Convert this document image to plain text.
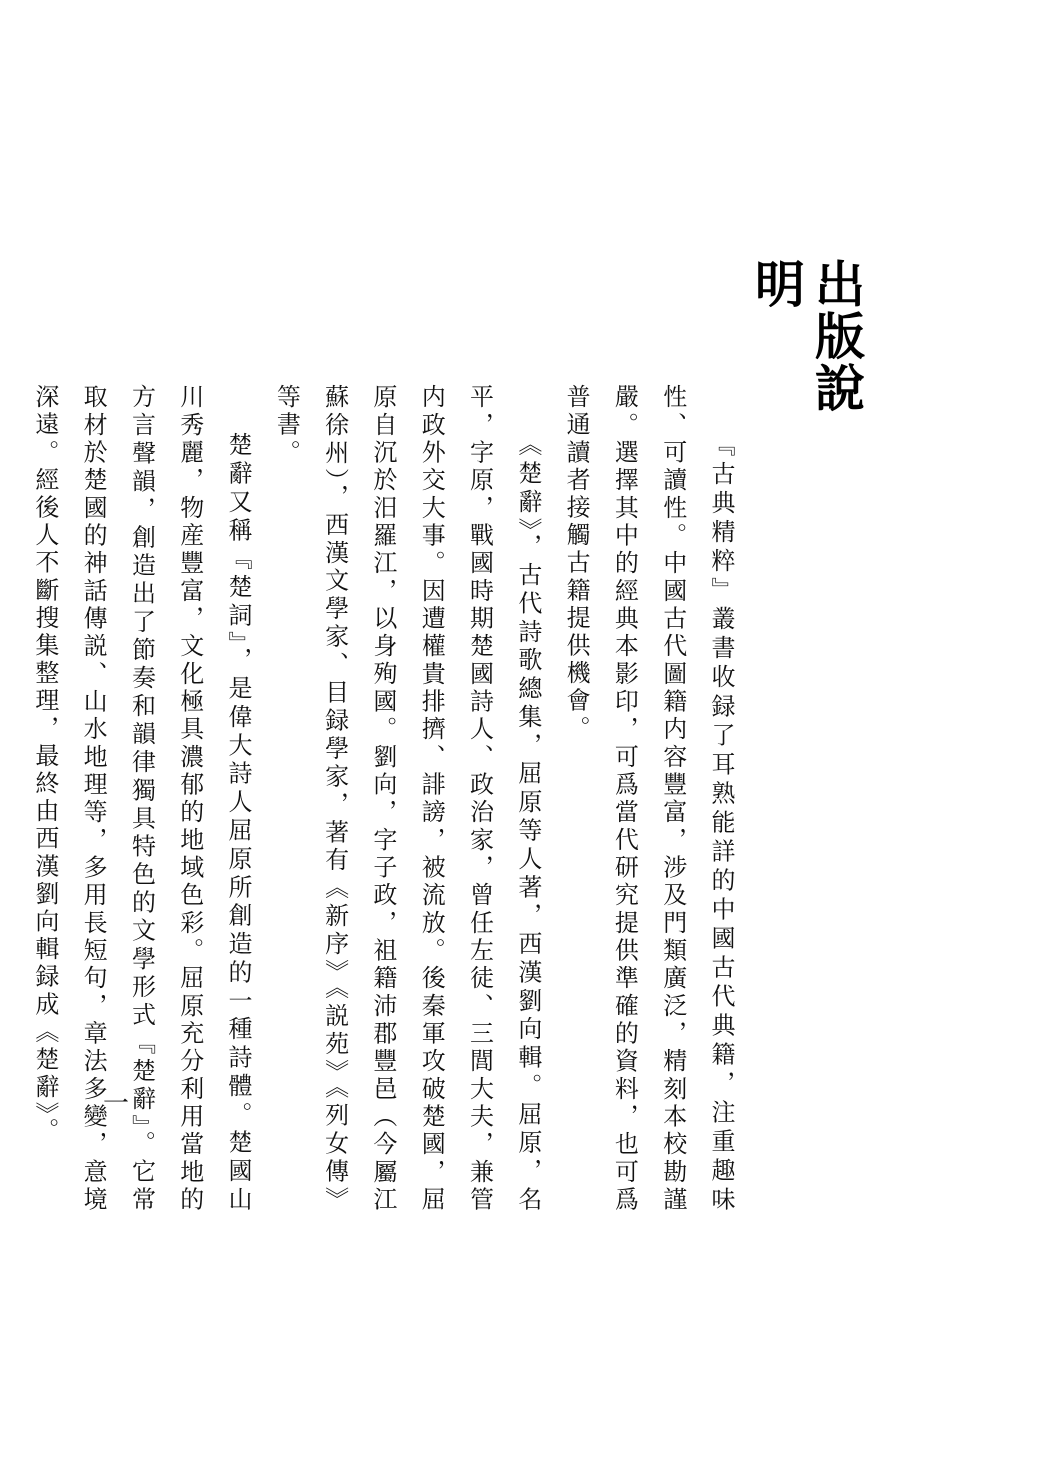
出版說明

『古典精粹』叢書收録了耳熟能詳的中國古代典籍，注重趣味性、可讀性。中國古代圖籍内容豐富，涉及門類廣泛，精刻本校勘謹嚴。選擇其中的經典本影印，可爲當代研究提供準確的資料，也可爲普通讀者接觸古籍提供機會。

《楚辭》，古代詩歌總集，屈原等人著，西漢劉向輯。屈原，名平，字原，戰國時期楚國詩人、政治家，曾任左徒、三閭大夫，兼管内政外交大事。因遭權貴排擠、誹謗，被流放。後秦軍攻破楚國，屈原自沉於汨羅江，以身殉國。劉向，字子政，祖籍沛郡豐邑（今屬江蘇徐州），西漢文學家、目録學家，著有《新序》《説苑》《列女傳》等書。

楚辭又稱『楚詞』，是偉大詩人屈原所創造的一種詩體。楚國山川秀麗，物産豐富，文化極具濃郁的地域色彩。屈原充分利用當地的方言聲韻，創造出了節奏和韻律獨具特色的文學形式『楚辭』。它常取材於楚國的神話傳説、山水地理等，多用長短句，章法多變，意境深遠。經後人不斷搜集整理，最終由西漢劉向輯録成《楚辭》。	一
